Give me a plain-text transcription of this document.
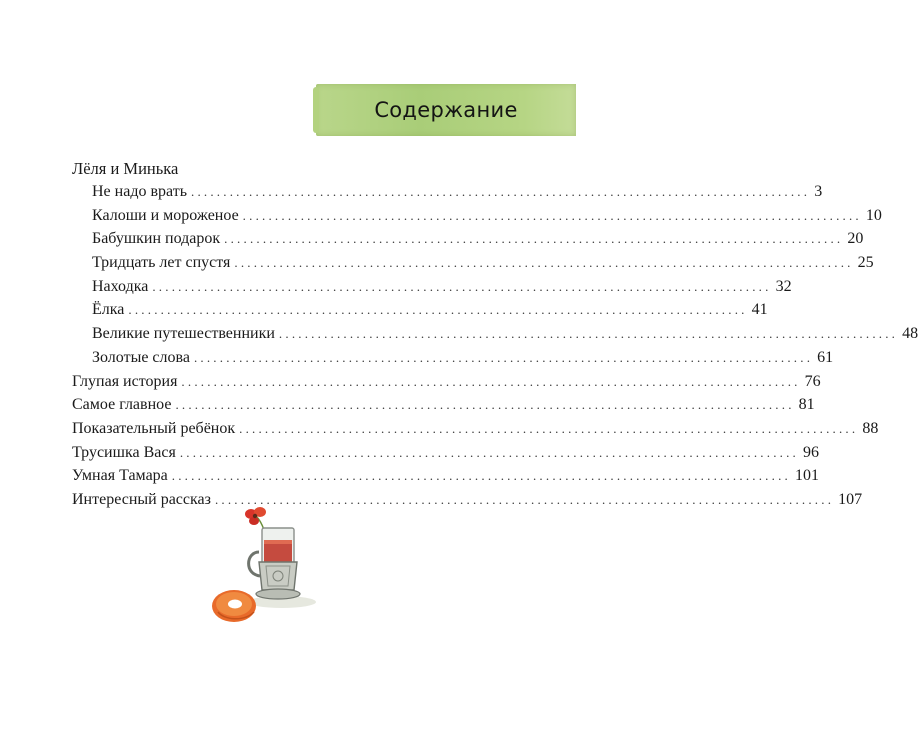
Содержание
Лёля и Минька
Не надо врать ................................................................................................ 3
Калоши и мороженое ................................................................................................ 10
Бабушкин подарок ................................................................................................ 20
Тридцать лет спустя ................................................................................................ 25
Находка ................................................................................................ 32
Ёлка ................................................................................................ 41
Великие путешественники ................................................................................................ 48
Золотые слова ................................................................................................ 61
Глупая история ................................................................................................ 76
Самое главное ................................................................................................ 81
Показательный ребёнок ................................................................................................ 88
Трусишка Вася ................................................................................................ 96
Умная Тамара ................................................................................................ 101
Интересный рассказ ................................................................................................ 107
